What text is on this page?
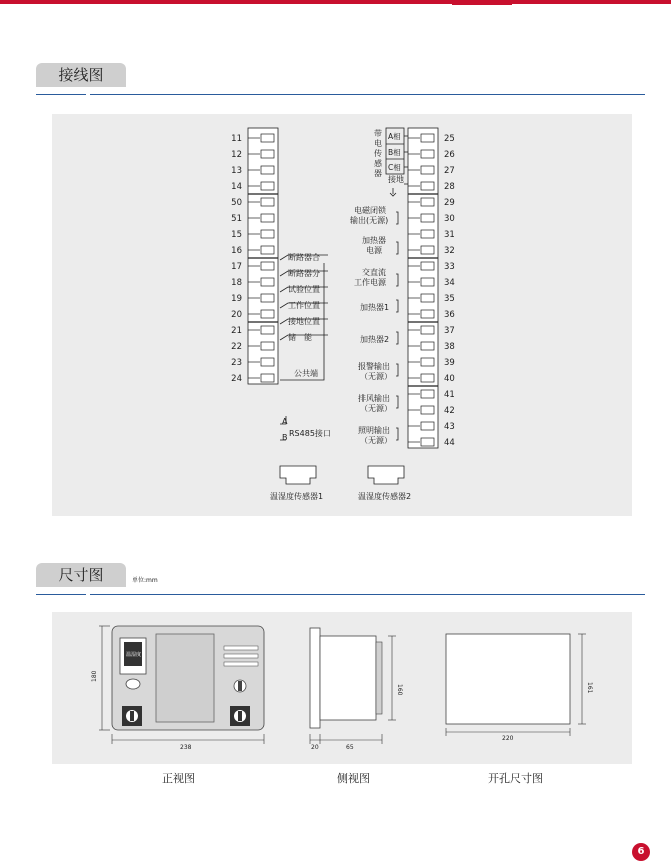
接线图
11
12
13
14
50
51
15
16
17
18
19
20
21
22
23
24
25
26
27
28
29
30
31
32
33
34
35
36
37
38
39
40
41
42
43
44
断路器合
断路器分
试验位置
工作位置
接地位置
储　能
公共端
A
B RS485接口
带
电
传
感
器
A相
B相
C相
接地
电磁闭锁
输出(无源)
加热器
电源
交直流
工作电源
加热器1
加热器2
报警输出
（无源）
排风输出
（无源）
照明输出
（无源）
温湿度传感器1	温湿度传感器2
尺寸图	单位:mm
温湿度
180
238
160
20	65
161
220
正视图	侧视图	开孔尺寸图
6
